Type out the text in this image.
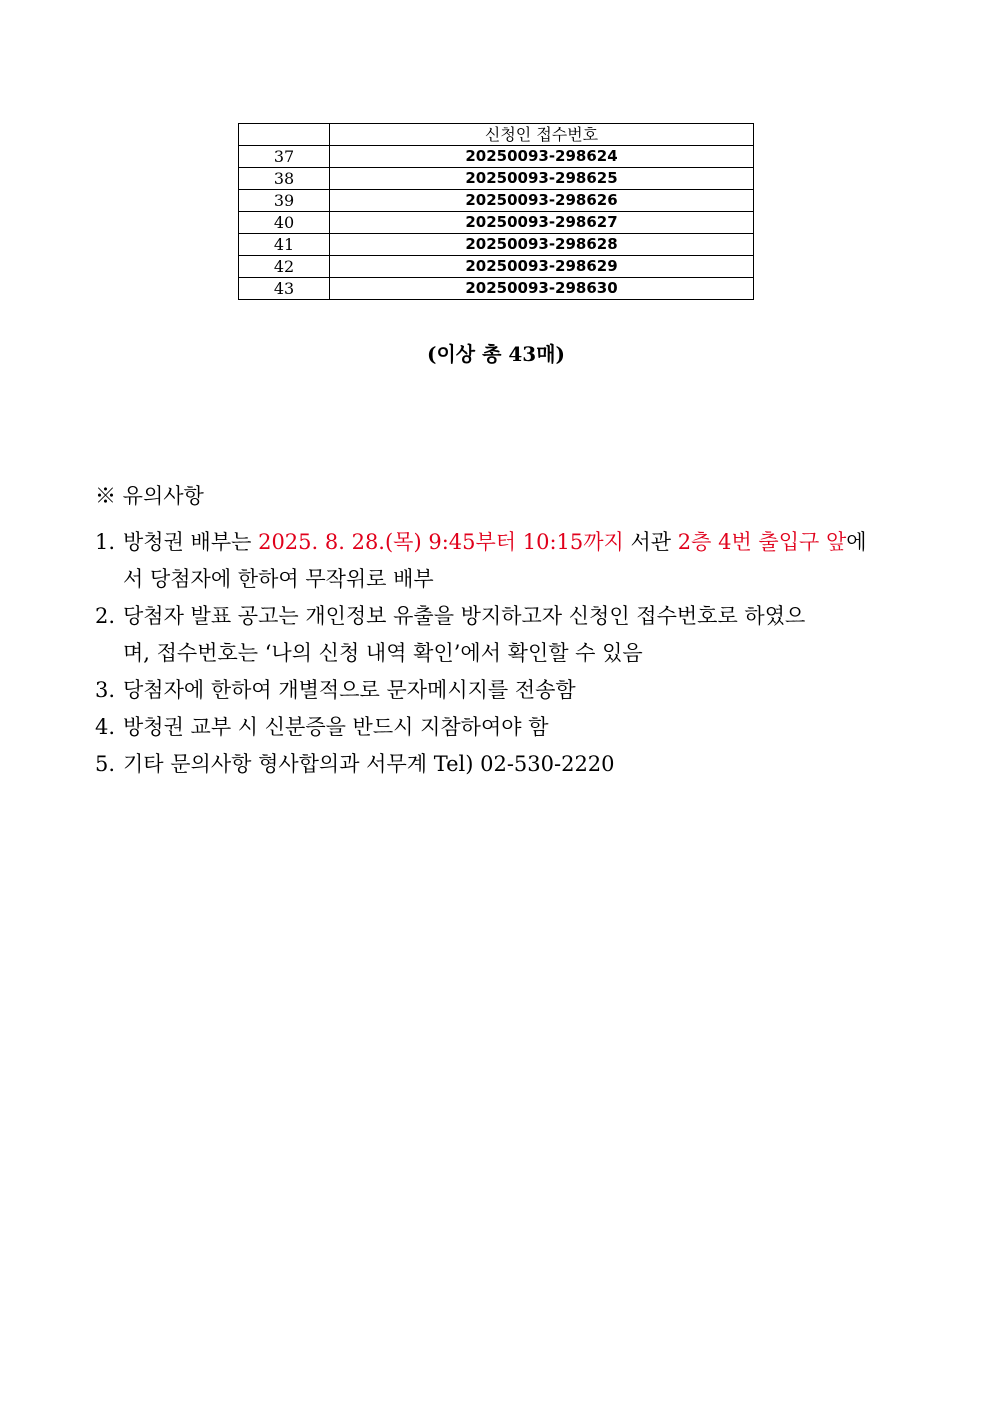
	신청인 접수번호
37	20250093-298624
38	20250093-298625
39	20250093-298626
40	20250093-298627
41	20250093-298628
42	20250093-298629
43	20250093-298630
(이상 총 43매)
※ 유의사항
1. 방청권 배부는 2025. 8. 28.(목) 9:45부터 10:15까지 서관 2층 4번 출입구 앞에
서 당첨자에 한하여 무작위로 배부
2. 당첨자 발표 공고는 개인정보 유출을 방지하고자 신청인 접수번호로 하였으
며, 접수번호는 ‘나의 신청 내역 확인’에서 확인할 수 있음
3. 당첨자에 한하여 개별적으로 문자메시지를 전송함
4. 방청권 교부 시 신분증을 반드시 지참하여야 함
5. 기타 문의사항 형사합의과 서무계 Tel) 02-530-2220
